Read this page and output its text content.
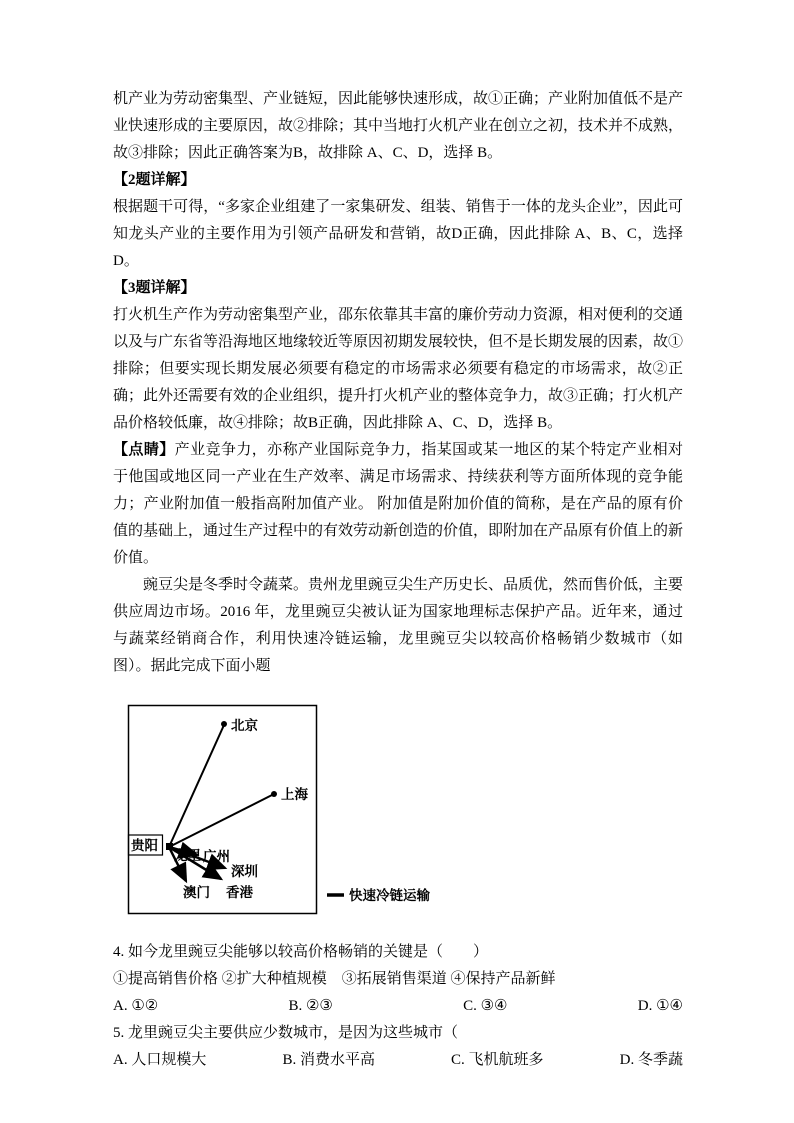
机产业为劳动密集型、产业链短，因此能够快速形成，故①正确；产业附加值低不是产业快速形成的主要原因，故②排除；其中当地打火机产业在创立之初，技术并不成熟，故③排除；因此正确答案为B，故排除 A、C、D，选择 B。

【2题详解】

根据题干可得，“多家企业组建了一家集研发、组装、销售于一体的龙头企业”，因此可知龙头产业的主要作用为引领产品研发和营销，故D正确，因此排除 A、B、C，选择 D。

【3题详解】

打火机生产作为劳动密集型产业，邵东依靠其丰富的廉价劳动力资源，相对便利的交通以及与广东省等沿海地区地缘较近等原因初期发展较快，但不是长期发展的因素，故①排除；但要实现长期发展必须要有稳定的市场需求必须要有稳定的市场需求，故②正确；此外还需要有效的企业组织，提升打火机产业的整体竞争力，故③正确；打火机产品价格较低廉，故④排除；故B正确，因此排除 A、C、D，选择 B。

【点睛】产业竞争力，亦称产业国际竞争力，指某国或某一地区的某个特定产业相对于他国或地区同一产业在生产效率、满足市场需求、持续获利等方面所体现的竞争能力；产业附加值一般指高附加值产业。 附加值是附加价值的简称，是在产品的原有价值的基础上，通过生产过程中的有效劳动新创造的价值，即附加在产品原有价值上的新价值。

豌豆尖是冬季时令蔬菜。贵州龙里豌豆尖生产历史长、品质优，然而售价低，主要供应周边市场。2016 年，龙里豌豆尖被认证为国家地理标志保护产品。近年来，通过与蔬菜经销商合作，利用快速冷链运输，龙里豌豆尖以较高价格畅销少数城市（如图）。据此完成下面小题

贵阳
北京
上海
龙里 广州
深圳
澳门 香港	快速冷链运输

4. 如今龙里豌豆尖能够以较高价格畅销的关键是（　　）

①提高销售价格 ②扩大种植规模　③拓展销售渠道 ④保持产品新鲜

A. ①②	B. ②③	C. ③④	D. ①④

5. 龙里豌豆尖主要供应少数城市，是因为这些城市（

A. 人口规模大	B. 消费水平高	C. 飞机航班多	D. 冬季蔬
